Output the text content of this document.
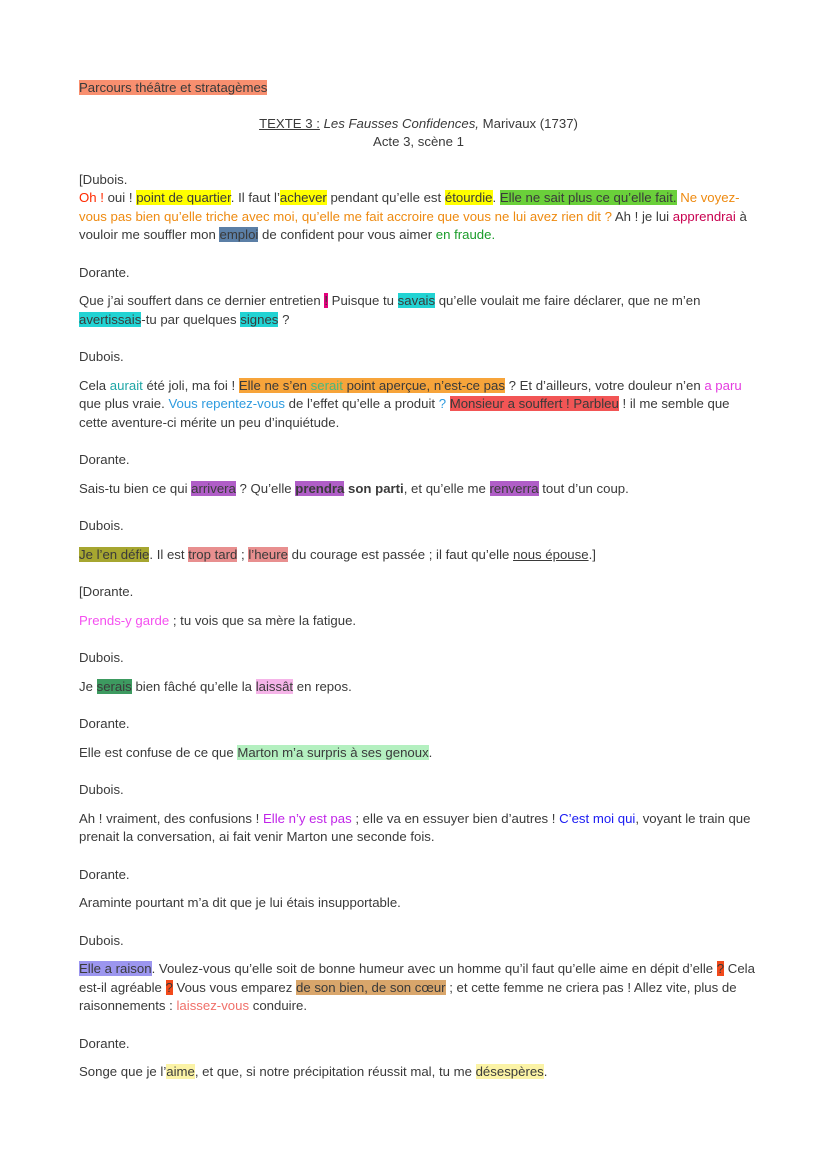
Parcours théâtre et stratagèmes

TEXTE 3 : Les Fausses Confidences, Marivaux (1737)

Acte 3, scène 1

[Dubois.

Oh ! oui ! point de quartier. Il faut l’achever pendant qu’elle est étourdie. Elle ne sait plus ce qu’elle fait. Ne voyez-vous pas bien qu’elle triche avec moi, qu’elle me fait accroire que vous ne lui avez rien dit ? Ah ! je lui apprendrai à vouloir me souffler mon emploi de confident pour vous aimer en fraude.

Dorante.

Que j’ai souffert dans ce dernier entretien ! Puisque tu savais qu’elle voulait me faire déclarer, que ne m’en avertissais-tu par quelques signes ?

Dubois.

Cela aurait été joli, ma foi ! Elle ne s’en serait point aperçue, n’est-ce pas ? Et d’ailleurs, votre douleur n’en a paru que plus vraie. Vous repentez-vous de l’effet qu’elle a produit ? Monsieur a souffert ! Parbleu ! il me semble que cette aventure-ci mérite un peu d’inquiétude.

Dorante.

Sais-tu bien ce qui arrivera ? Qu’elle prendra son parti, et qu’elle me renverra tout d’un coup.

Dubois.

Je l’en défie. Il est trop tard ; l’heure du courage est passée ; il faut qu’elle nous épouse.]

[Dorante.

Prends-y garde ; tu vois que sa mère la fatigue.

Dubois.

Je serais bien fâché qu’elle la laissât en repos.

Dorante.

Elle est confuse de ce que Marton m’a surpris à ses genoux.

Dubois.

Ah ! vraiment, des confusions ! Elle n’y est pas ; elle va en essuyer bien d’autres ! C’est moi qui, voyant le train que prenait la conversation, ai fait venir Marton une seconde fois.

Dorante.

Araminte pourtant m’a dit que je lui étais insupportable.

Dubois.

Elle a raison. Voulez-vous qu’elle soit de bonne humeur avec un homme qu’il faut qu’elle aime en dépit d’elle ? Cela est-il agréable ? Vous vous emparez de son bien, de son cœur ; et cette femme ne criera pas ! Allez vite, plus de raisonnements : laissez-vous conduire.

Dorante.

Songe que je l’aime, et que, si notre précipitation réussit mal, tu me désespères.
